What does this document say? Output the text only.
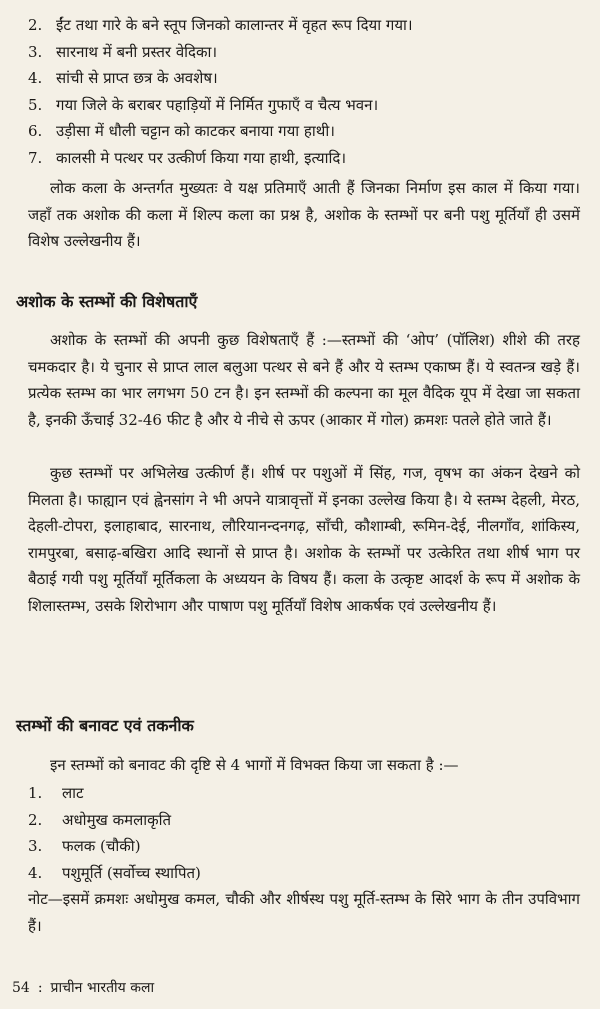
2. ईंट तथा गारे के बने स्तूप जिनको कालान्तर में वृहत रूप दिया गया।
3. सारनाथ में बनी प्रस्तर वेदिका।
4. सांची से प्राप्त छत्र के अवशेष।
5. गया जिले के बराबर पहाड़ियों में निर्मित गुफाएँ व चैत्य भवन।
6. उड़ीसा में धौली चट्टान को काटकर बनाया गया हाथी।
7. कालसी मे पत्थर पर उत्कीर्ण किया गया हाथी, इत्यादि।

लोक कला के अन्तर्गत मुख्यतः वे यक्ष प्रतिमाएँ आती हैं जिनका निर्माण इस काल में किया गया। जहाँ तक अशोक की कला में शिल्प कला का प्रश्न है, अशोक के स्तम्भों पर बनी पशु मूर्तियाँ ही उसमें विशेष उल्लेखनीय हैं।

अशोक के स्तम्भों की विशेषताएँ

अशोक के स्तम्भों की अपनी कुछ विशेषताएँ हैं :—स्तम्भों की ‘ओप’ (पॉलिश) शीशे की तरह चमकदार है। ये चुनार से प्राप्त लाल बलुआ पत्थर से बने हैं और ये स्तम्भ एकाष्म हैं। ये स्वतन्त्र खड़े हैं। प्रत्येक स्तम्भ का भार लगभग 50 टन है। इन स्तम्भों की कल्पना का मूल वैदिक यूप में देखा जा सकता है, इनकी ऊँचाई 32-46 फीट है और ये नीचे से ऊपर (आकार में गोल) क्रमशः पतले होते जाते हैं।

कुछ स्तम्भों पर अभिलेख उत्कीर्ण हैं। शीर्ष पर पशुओं में सिंह, गज, वृषभ का अंकन देखने को मिलता है। फाह्यान एवं ह्वेनसांग ने भी अपने यात्रावृत्तों में इनका उल्लेख किया है। ये स्तम्भ देहली, मेरठ, देहली-टोपरा, इलाहाबाद, सारनाथ, लौरियानन्दनगढ़, साँची, कौशाम्बी, रूमिन-देई, नीलगाँव, शांकिस्य, रामपुरबा, बसाढ़-बखिरा आदि स्थानों से प्राप्त है। अशोक के स्तम्भों पर उत्केरित तथा शीर्ष भाग पर बैठाई गयी पशु मूर्तियाँ मूर्तिकला के अध्ययन के विषय हैं। कला के उत्कृष्ट आदर्श के रूप में अशोक के शिलास्तम्भ, उसके शिरोभाग और पाषाण पशु मूर्तियाँ विशेष आकर्षक एवं उल्लेखनीय हैं।

स्तम्भों की बनावट एवं तकनीक

इन स्तम्भों को बनावट की दृष्टि से 4 भागों में विभक्त किया जा सकता है :—

1. लाट
2. अधोमुख कमलाकृति
3. फलक (चौकी)
4. पशुमूर्ति (सर्वोच्च स्थापित)

नोट—इसमें क्रमशः अधोमुख कमल, चौकी और शीर्षस्थ पशु मूर्ति-स्तम्भ के सिरे भाग के तीन उपविभाग हैं।

54 : प्राचीन भारतीय कला
